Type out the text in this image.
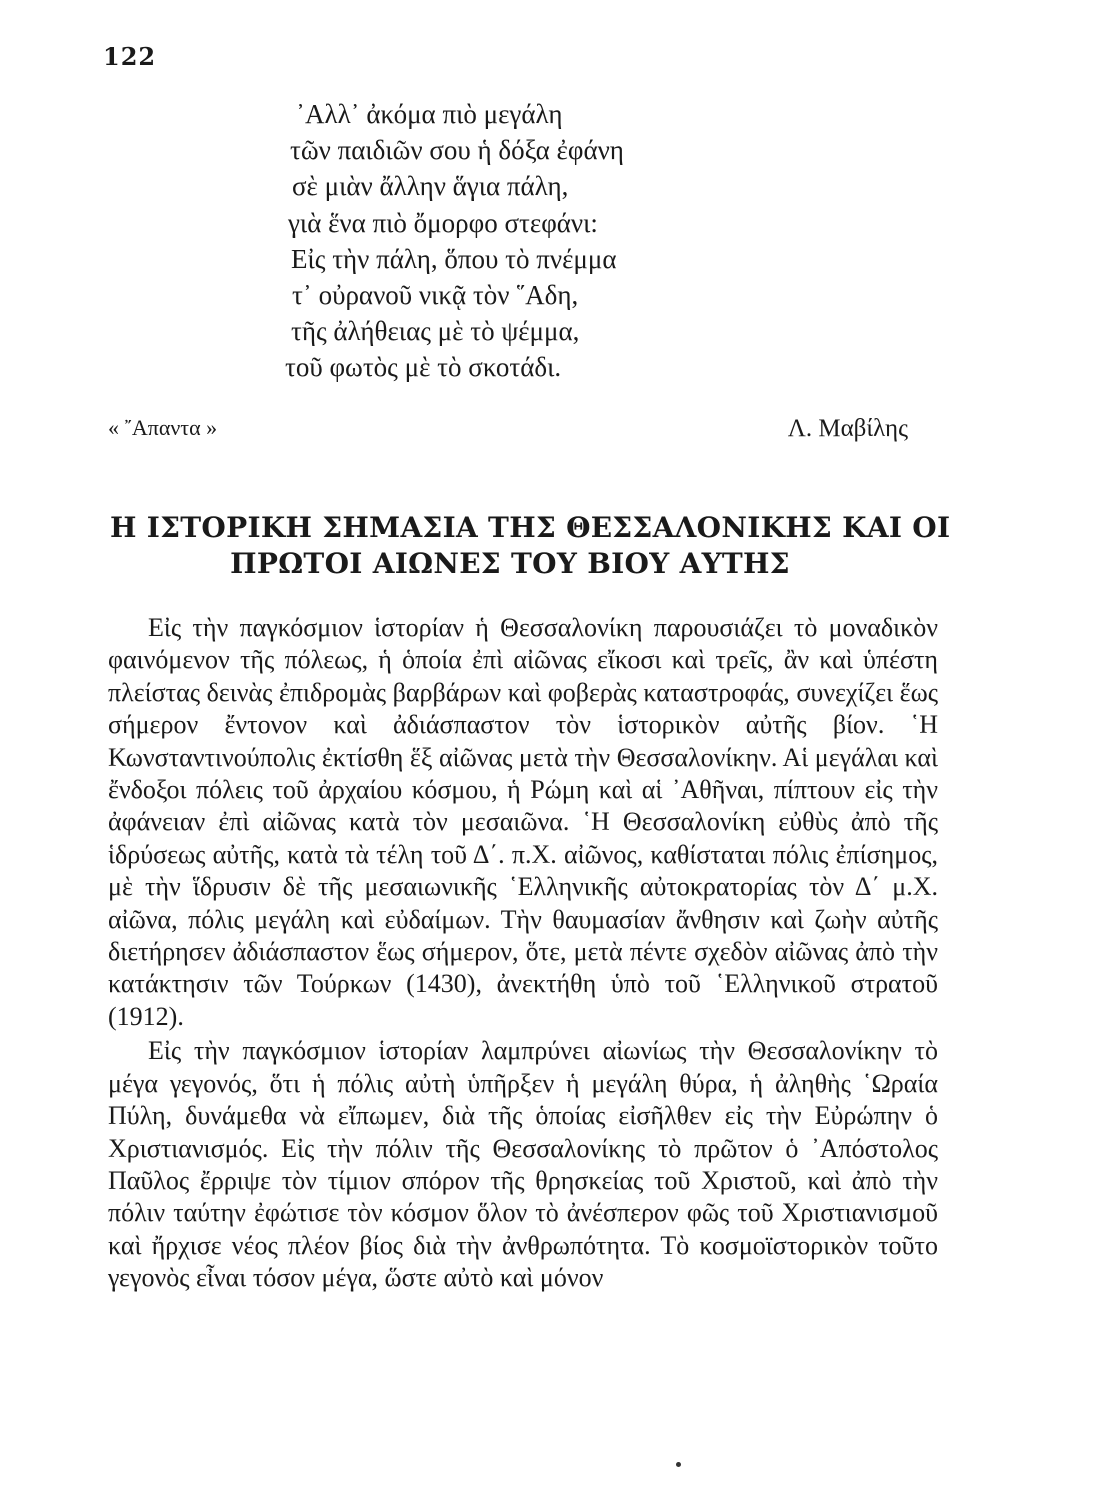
122
᾿Αλλ᾿ ἀκόμα πιὸ μεγάλη
τῶν παιδιῶν σου ἡ δόξα ἐφάνη
σὲ μιὰν ἄλλην ἅγια πάλη,
γιὰ ἕνα πιὸ ὄμορφο στεφάνι:
Εἰς τὴν πάλη, ὅπου τὸ πνέμμα
τ᾿ οὐρανοῦ νικᾷ τὸν ῞Αδη,
τῆς ἀλήθειας μὲ τὸ ψέμμα,
τοῦ φωτὸς μὲ τὸ σκοτάδι.
« ῎Απαντα »	Λ. Μαβίλης
Η ΙΣΤΟΡΙΚΗ ΣΗΜΑΣΙΑ ΤΗΣ ΘΕΣΣΑΛΟΝΙΚΗΣ ΚΑΙ ΟΙ
ΠΡΩΤΟΙ ΑΙΩΝΕΣ ΤΟΥ ΒΙΟΥ ΑΥΤΗΣ

Εἰς τὴν παγκόσμιον ἱστορίαν ἡ Θεσσαλονίκη παρουσιάζει τὸ μοναδικὸν φαινόμενον τῆς πόλεως, ἡ ὁποία ἐπὶ αἰῶνας εἴκοσι καὶ τρεῖς, ἂν καὶ ὑπέστη πλείστας δεινὰς ἐπιδρομὰς βαρβάρων καὶ φοβερὰς καταστροφάς, συνεχίζει ἕως σήμερον ἔντονον καὶ ἀδιάσπαστον τὸν ἱστορικὸν αὐτῆς βίον. ῾Η Κωνσταντινούπολις ἐκτίσθη ἕξ αἰῶνας μετὰ τὴν Θεσσαλονίκην. Αἱ μεγάλαι καὶ ἔνδοξοι πόλεις τοῦ ἀρχαίου κόσμου, ἡ Ρώμη καὶ αἱ ᾿Αθῆναι, πίπτουν εἰς τὴν ἀφάνειαν ἐπὶ αἰῶνας κατὰ τὸν μεσαιῶνα. ῾Η Θεσσαλονίκη εὐθὺς ἀπὸ τῆς ἱδρύσεως αὐτῆς, κατὰ τὰ τέλη τοῦ Δ΄. π.Χ. αἰῶνος, καθίσταται πόλις ἐπίσημος, μὲ τὴν ἵδρυσιν δὲ τῆς μεσαιωνικῆς ῾Ελληνικῆς αὐτοκρατορίας τὸν Δ΄ μ.Χ. αἰῶνα, πόλις μεγάλη καὶ εὐδαίμων. Τὴν θαυμασίαν ἄνθησιν καὶ ζωὴν αὐτῆς διετήρησεν ἀδιάσπαστον ἕως σήμερον, ὅτε, μετὰ πέντε σχεδὸν αἰῶνας ἀπὸ τὴν κατάκτησιν τῶν Τούρκων (1430), ἀνεκτήθη ὑπὸ τοῦ ῾Ελληνικοῦ στρατοῦ (1912).

Εἰς τὴν παγκόσμιον ἱστορίαν λαμπρύνει αἰωνίως τὴν Θεσσαλονίκην τὸ μέγα γεγονός, ὅτι ἡ πόλις αὐτὴ ὑπῆρξεν ἡ μεγάλη θύρα, ἡ ἀληθὴς ῾Ωραία Πύλη, δυνάμεθα νὰ εἴπωμεν, διὰ τῆς ὁποίας εἰσῆλθεν εἰς τὴν Εὐρώπην ὁ Χριστιανισμός. Εἰς τὴν πόλιν τῆς Θεσσαλονίκης τὸ πρῶτον ὁ ᾿Απόστολος Παῦλος ἔρριψε τὸν τίμιον σπόρον τῆς θρησκείας τοῦ Χριστοῦ, καὶ ἀπὸ τὴν πόλιν ταύτην ἐφώτισε τὸν κόσμον ὅλον τὸ ἀνέσπερον φῶς τοῦ Χριστιανισμοῦ καὶ ἤρχισε νέος πλέον βίος διὰ τὴν ἀνθρωπότητα. Τὸ κοσμοϊστορικὸν τοῦτο γεγονὸς εἶναι τόσον μέγα, ὥστε αὐτὸ καὶ μόνον
